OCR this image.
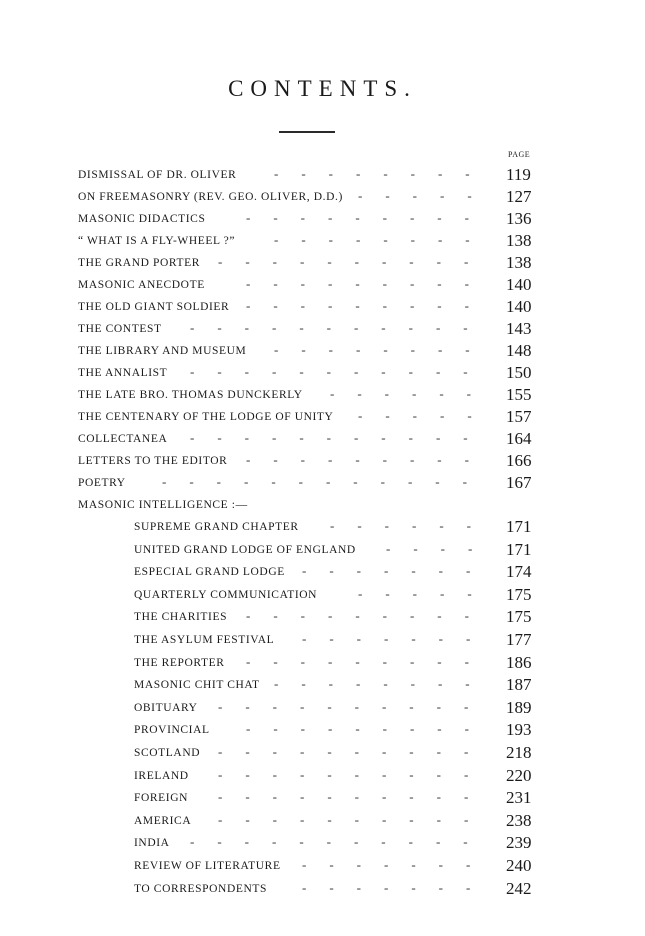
CONTENTS.
PAGE
DISMISSAL OF DR. OLIVER	-------- 119
ON FREEMASONRY (REV. GEO. OLIVER, D.D.) ----- 127
MASONIC DIDACTICS	--------- 136
“ WHAT IS A FLY-WHEEL ?”	-------- 138
THE GRAND PORTER ---------- 138
MASONIC ANECDOTE	--------- 140
THE OLD GIANT SOLDIER --------- 140
THE CONTEST ----------- 143
THE LIBRARY AND MUSEUM -------- 148
THE ANNALIST ----------- 150
THE LATE BRO. THOMAS DUNCKERLY ------ 155
THE CENTENARY OF THE LODGE OF UNITY ----- 157
COLLECTANEA ----------- 164
LETTERS TO THE EDITOR --------- 166
POETRY	------------ 167
MASONIC INTELLIGENCE :—
SUPREME GRAND CHAPTER ------ 171
UNITED GRAND LODGE OF ENGLAND ---- 171
ESPECIAL GRAND LODGE ------- 174
QUARTERLY COMMUNICATION	----- 175
THE CHARITIES --------- 175
THE ASYLUM FESTIVAL ------- 177
THE REPORTER --------- 186
MASONIC CHIT CHAT -------- 187
OBITUARY ---------- 189
PROVINCIAL	--------- 193
SCOTLAND ---------- 218
IRELAND ---------- 220
FOREIGN ---------- 231
AMERICA ---------- 238
INDIA ----------- 239
REVIEW OF LITERATURE ------- 240
TO CORRESPONDENTS	------- 242
